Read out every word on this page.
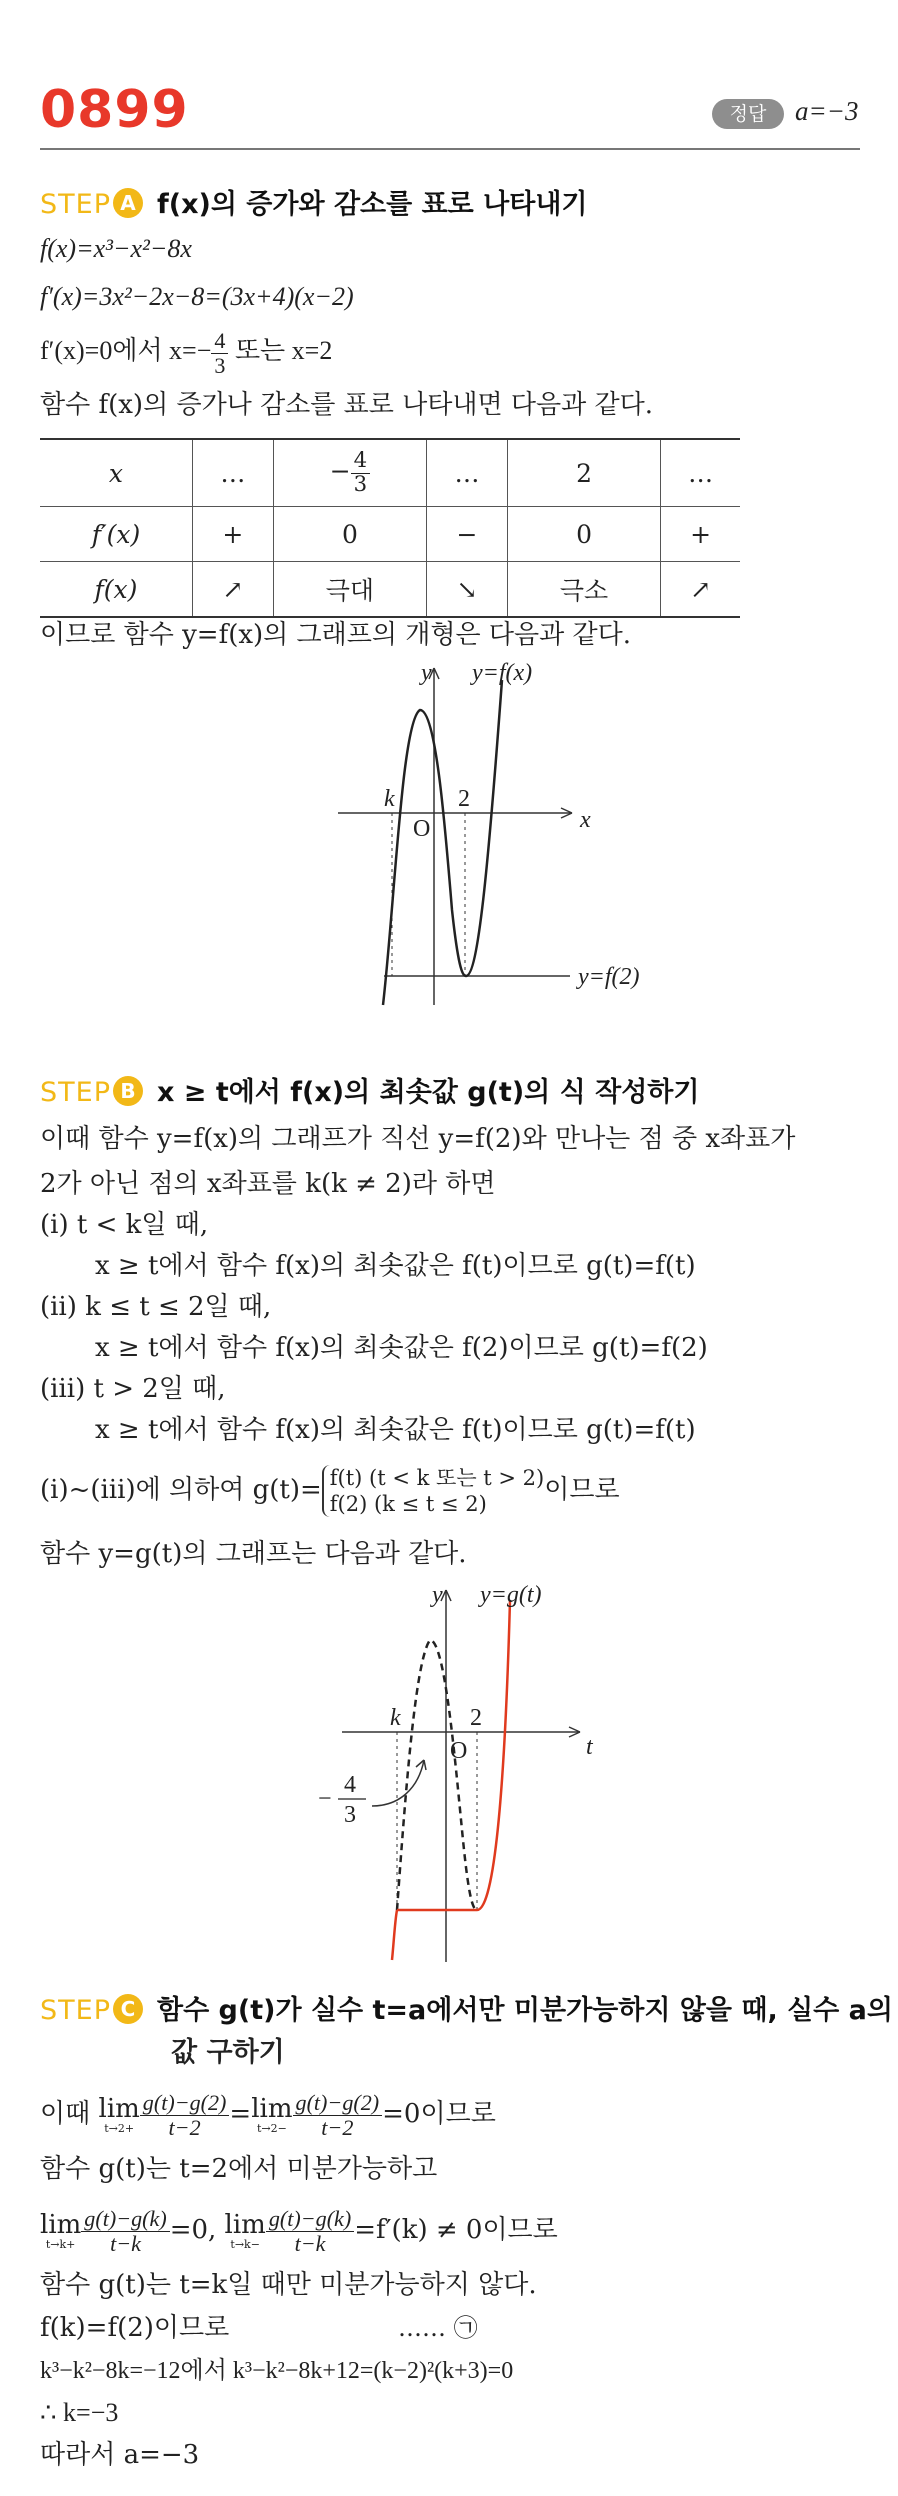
0899	정답	a=−3
STEP A f(x)의 증가와 감소를 표로 나타내기
f(x)=x³−x²−8x
f′(x)=3x²−2x−8=(3x+4)(x−2)
f′(x)=0에서 $x=- \frac{4}{3}$ 또는 x=2
함수 f(x)의 증가나 감소를 표로 나타내면 다음과 같다.
x	…	− $\frac{4}{3}$	…	2	…
f′(x)	+	0	−	0	+
f(x)	↗	극대	↘	극소	↗
이므로 함수 y=f(x)의 그래프의 개형은 다음과 같다.
y
x
y=f(x)
O
k	2
y=f(2)
STEP B x ≥ t에서 f(x)의 최솟값 g(t)의 식 작성하기
이때 함수 y=f(x)의 그래프가 직선 y=f(2)와 만나는 점 중 x좌표가
2가 아닌 점의 x좌표를 k(k ≠ 2)라 하면
(ⅰ) t < k일 때,
x ≥ t에서 함수 f(x)의 최솟값은 f(t)이므로 g(t)=f(t)
(ⅱ) k ≤ t ≤ 2일 때,
x ≥ t에서 함수 f(x)의 최솟값은 f(2)이므로 g(t)=f(2)
(ⅲ) t > 2일 때,
x ≥ t에서 함수 f(x)의 최솟값은 f(t)이므로 g(t)=f(t)
(ⅰ)~(ⅲ)에 의하여 g(t)= f(t) (t < k 또는 t > 2)
f(2) (k ≤ t ≤ 2)	이므로
함수 y=g(t)의 그래프는 다음과 같다.
y
t
y=g(t)
O
k	2
−
4
3
STEP C 함수 g(t)가 실수 t=a에서만 미분가능하지 않을 때, 실수 a의
값 구하기
이때 lim
$t\to 2+ \frac{g(t)-g(2)}{t-2} = \lim$
$t\to 2- \frac{g(t)-g(2)}{t-2} =0$이므로
함수 g(t)는 t=2에서 미분가능하고
lim
$t\to k+ \frac{g(t)-g(k)}{t-k} =0$, lim
$t\to k- \frac{g(t)-g(k)}{t-k} =f'(k) \ne 0$이므로
함수 g(t)는 t=k일 때만 미분가능하지 않다.
f(k)=f(2)이므로	…… ㉠
k³−k²−8k=−12에서 k³−k²−8k+12=(k−2)²(k+3)=0
∴ k=−3
따라서 a=−3
